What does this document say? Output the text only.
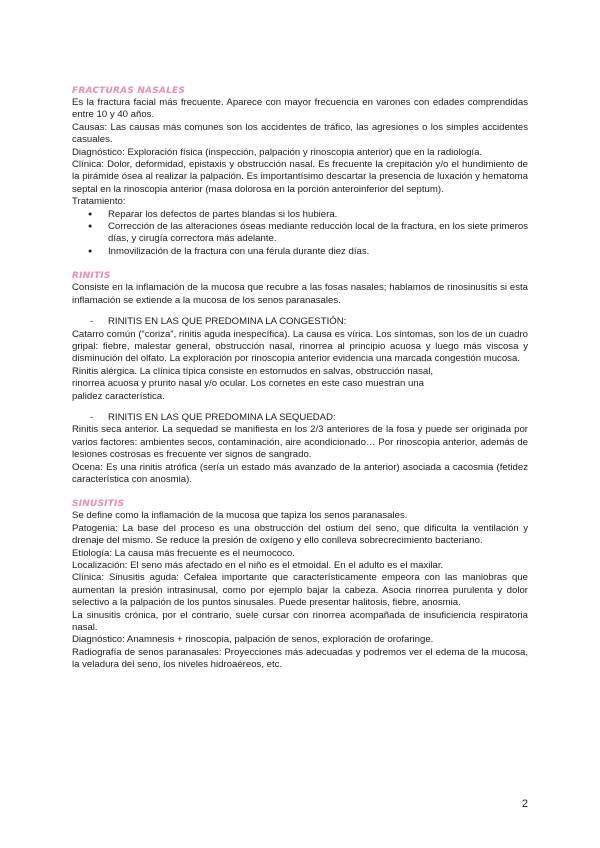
FRACTURAS NASALES

Es la fractura facial más frecuente. Aparece con mayor frecuencia en varones con edades comprendidas entre 10 y 40 años.

Causas: Las causas más comunes son los accidentes de tráfico, las agresiones o los simples accidentes casuales.

Diagnóstico: Exploración física (inspección, palpación y rinoscopia anterior) que en la radiología.

Clínica: Dolor, deformidad, epistaxis y obstrucción nasal. Es frecuente la crepitación y/o el hundimiento de la pirámide ósea al realizar la palpación. Es importantísimo descartar la presencia de luxación y hematoma septal en la rinoscopia anterior (masa dolorosa en la porción anteroinferior del septum).

Tratamiento:

● Reparar los defectos de partes blandas si los hubiera.
● Corrección de las alteraciones óseas mediante reducción local de la fractura, en los siete primeros días, y cirugía correctora más adelante.
● Inmovilización de la fractura con una férula durante diez días.
RINITIS

Consiste en la inflamación de la mucosa que recubre a las fosas nasales; hablamos de rinosinusitis si esta inflamación se extiende a la mucosa de los senos paranasales.

- RINITIS EN LAS QUE PREDOMINA LA CONGESTIÓN:

Catarro común (“coriza”, rinitis aguda inespecífica). La causa es vírica. Los síntomas, son los de un cuadro gripal: fiebre, malestar general, obstrucción nasal, rinorrea al principio acuosa y luego más viscosa y disminución del olfato. La exploración por rinoscopia anterior evidencia una marcada congestión mucosa.

Rinitis alérgica. La clínica típica consiste en estornudos en salvas, obstrucción nasal,
rinorrea acuosa y prurito nasal y/o ocular. Los cornetes en este caso muestran una
palidez característica.
- RINITIS EN LAS QUE PREDOMINA LA SEQUEDAD:

Rinitis seca anterior. La sequedad se manifiesta en los 2/3 anteriores de la fosa y puede ser originada por varios factores: ambientes secos, contaminación, aire acondicionado… Por rinoscopia anterior, además de lesiones costrosas es frecuente ver signos de sangrado.

Ocena: Es una rinitis atrófica (sería un estado más avanzado de la anterior) asociada a cacosmia (fetidez característica con anosmia).

SINUSITIS

Se define como la inflamación de la mucosa que tapiza los senos paranasales.

Patogenia: La base del proceso es una obstrucción del ostium del seno, que dificulta la ventilación y drenaje del mismo. Se reduce la presión de oxígeno y ello conlleva sobrecrecimiento bacteriano.

Etiología: La causa más frecuente es el neumococo.

Localización: El seno más afectado en el niño es el etmoidal. En el adulto es el maxilar.

Clínica: Sinusitis aguda: Cefalea importante que característicamente empeora con las maniobras que aumentan la presión intrasinusal, como por ejemplo bajar la cabeza. Asocia rinorrea purulenta y dolor selectivo a la palpación de los puntos sinusales. Puede presentar halitosis, fiebre, anosmia.

La sinusitis crónica, por el contrario, suele cursar con rinorrea acompañada de insuficiencia respiratoria nasal.

Diagnóstico: Anamnesis + rinoscopia, palpación de senos, exploración de orofaringe.

Radiografía de senos paranasales: Proyecciones más adecuadas y podremos ver el edema de la mucosa, la veladura del seno, los niveles hidroaéreos, etc.

2
